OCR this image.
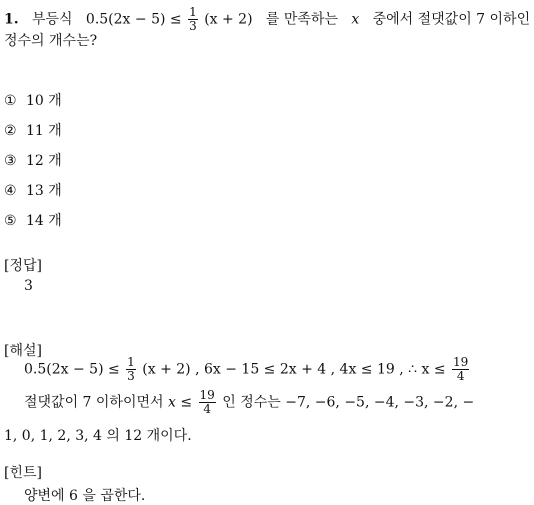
1. 부등식 $0.5(2x - 5) \le \frac{1}{3} (x + 2)$ 를 만족하는 x 중에서 절댓값이 7 이하인
정수의 개수는?
① 10 개
② 11 개
③ 12 개
④ 13 개
⑤ 14 개
[정답]
3
[해설]
$0.5(2x - 5) \le \frac{1}{3} (x + 2)$ , 6x − 15 ≤ 2x + 4 , 4x ≤ 19 , ∴ $x \le \frac{19}{4}$
절댓값이 7 이하이면서 $x \le \frac{19}{4}$ 인 정수는 −7, −6, −5, −4, −3, −2, −
1, 0, 1, 2, 3, 4 의 12 개이다.
[힌트]
양변에 6 을 곱한다.
